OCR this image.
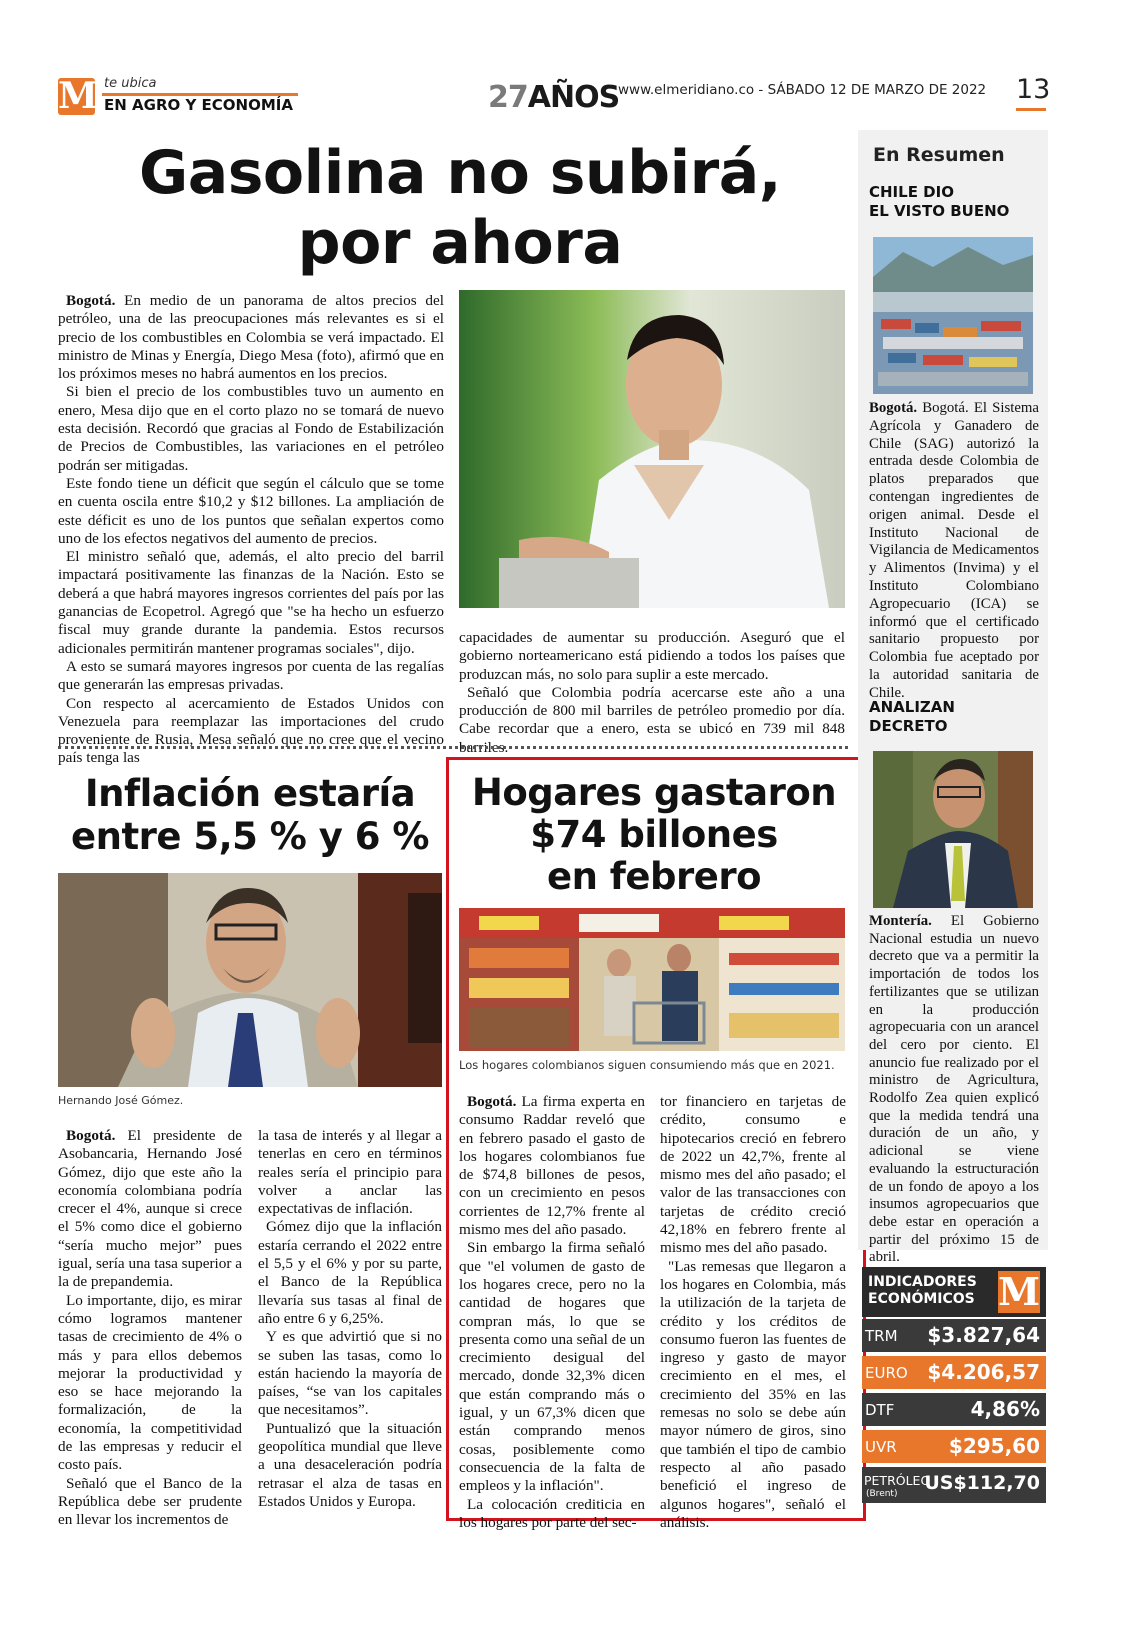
M te ubica
EN AGRO Y ECONOMÍA	27AÑOS
www.elmeridiano.co - SÁBADO 12 DE MARZO DE 2022 13
Gasolina no subirá,
por ahora

Bogotá. En medio de un panorama de altos precios del petróleo, una de las preocupaciones más relevantes es si el precio de los combustibles en Colombia se verá impactado. El ministro de Minas y Energía, Diego Mesa (foto), afirmó que en los próximos meses no habrá aumentos en los precios.

Si bien el precio de los combustibles tuvo un aumento en enero, Mesa dijo que en el corto plazo no se tomará de nuevo esta decisión. Recordó que gracias al Fondo de Estabilización de Precios de Combustibles, las variaciones en el petróleo podrán ser mitigadas.

Este fondo tiene un déficit que según el cálculo que se tome en cuenta oscila entre $10,2 y $12 billones. La ampliación de este déficit es uno de los puntos que señalan expertos como uno de los efectos negativos del aumento de precios.

El ministro señaló que, además, el alto precio del barril impactará positivamente las finanzas de la Nación. Esto se deberá a que habrá mayores ingresos corrientes del país por las ganancias de Ecopetrol. Agregó que "se ha hecho un esfuerzo fiscal muy grande durante la pandemia. Estos recursos adicionales permitirán mantener programas sociales", dijo.

A esto se sumará mayores ingresos por cuenta de las regalías que generarán las empresas privadas.

Con respecto al acercamiento de Estados Unidos con Venezuela para reemplazar las importaciones del crudo proveniente de Rusia, Mesa señaló que no cree que el vecino país tenga las

capacidades de aumentar su producción. Aseguró que el gobierno norteamericano está pidiendo a todos los países que produzcan más, no solo para suplir a este mercado.

Señaló que Colombia podría acercarse este año a una producción de 800 mil barriles de petróleo promedio por día. Cabe recordar que a enero, esta se ubicó en 739 mil 848 barriles.

Inflación estaría
entre 5,5 % y 6 %
Hernando José Gómez.

Bogotá. El presidente de Asobancaria, Hernando José Gómez, dijo que este año la economía colombiana podría crecer el 4%, aunque si crece el 5% como dice el gobierno “sería mucho mejor” pues igual, sería una tasa superior a la de prepandemia.

Lo importante, dijo, es mirar cómo logramos mantener tasas de crecimiento de 4% o más y para ellos debemos mejorar la productividad y eso se hace mejorando la formalización, de la economía, la competitividad de las empresas y reducir el costo país.

Señaló que el Banco de la República debe ser prudente en llevar los incrementos de

la tasa de interés y al llegar a tenerlas en cero en términos reales sería el principio para volver a anclar las expectativas de inflación.

Gómez dijo que la inflación estaría cerrando el 2022 entre el 5,5 y el 6% y por su parte, el Banco de la República llevaría sus tasas al final de año entre 6 y 6,25%.

Y es que advirtió que si no se suben las tasas, como lo están haciendo la mayoría de países, “se van los capitales que necesitamos”.

Puntualizó que la situación geopolítica mundial que lleve a una desaceleración podría retrasar el alza de tasas en Estados Unidos y Europa.

Hogares gastaron
$74 billones
en febrero
Los hogares colombianos siguen consumiendo más que en 2021.

Bogotá. La firma experta en consumo Raddar reveló que en febrero pasado el gasto de los hogares colombianos fue de $74,8 billones de pesos, con un crecimiento en pesos corrientes de 12,7% frente al mismo mes del año pasado.

Sin embargo la firma señaló que "el volumen de gasto de los hogares crece, pero no la cantidad de hogares que compran más, lo que se presenta como una señal de un crecimiento desigual del mercado, donde 32,3% dicen que están comprando más o igual, y un 67,3% dicen que están comprando menos cosas, posiblemente como consecuencia de la falta de empleos y la inflación".

La colocación crediticia en los hogares por parte del sec-

tor financiero en tarjetas de crédito, consumo e hipotecarios creció en febrero de 2022 un 42,7%, frente al mismo mes del año pasado; el valor de las transacciones con tarjetas de crédito creció 42,18% en febrero frente al mismo mes del año pasado.

"Las remesas que llegaron a los hogares en Colombia, más la utilización de la tarjeta de crédito y los créditos de consumo fueron las fuentes de ingreso y gasto de mayor crecimiento en el mes, el crecimiento del 35% en las remesas no solo se debe aún mayor número de giros, sino que también el tipo de cambio respecto al año pasado benefició el ingreso de algunos hogares", señaló el análisis.

En Resumen
CHILE DIO
EL VISTO BUENO

Bogotá. Bogotá. El Sistema Agrícola y Ganadero de Chile (SAG) autorizó la entrada desde Colombia de platos preparados que contengan ingredientes de origen animal. Desde el Instituto Nacional de Vigilancia de Medicamentos y Alimentos (Invima) y el Instituto Colombiano Agropecuario (ICA) se informó que el certificado sanitario propuesto por Colombia fue aceptado por la autoridad sanitaria de Chile.

ANALIZAN
DECRETO

Montería. El Gobierno Nacional estudia un nuevo decreto que va a permitir la importación de todos los fertilizantes que se utilizan en la producción agropecuaria con un arancel del cero por ciento. El anuncio fue realizado por el ministro de Agricultura, Rodolfo Zea quien explicó que la medida tendrá una duración de un año, y adicional se viene evaluando la estructuración de un fondo de apoyo a los insumos agropecuarios que debe estar en operación a partir del próximo 15 de abril.

INDICADORES
ECONÓMICOS M
TRM $3.827,64
EURO $4.206,57
DTF	4,86%
UVR	$295,60
PETRÓLEO
(Brent) US$112,70
